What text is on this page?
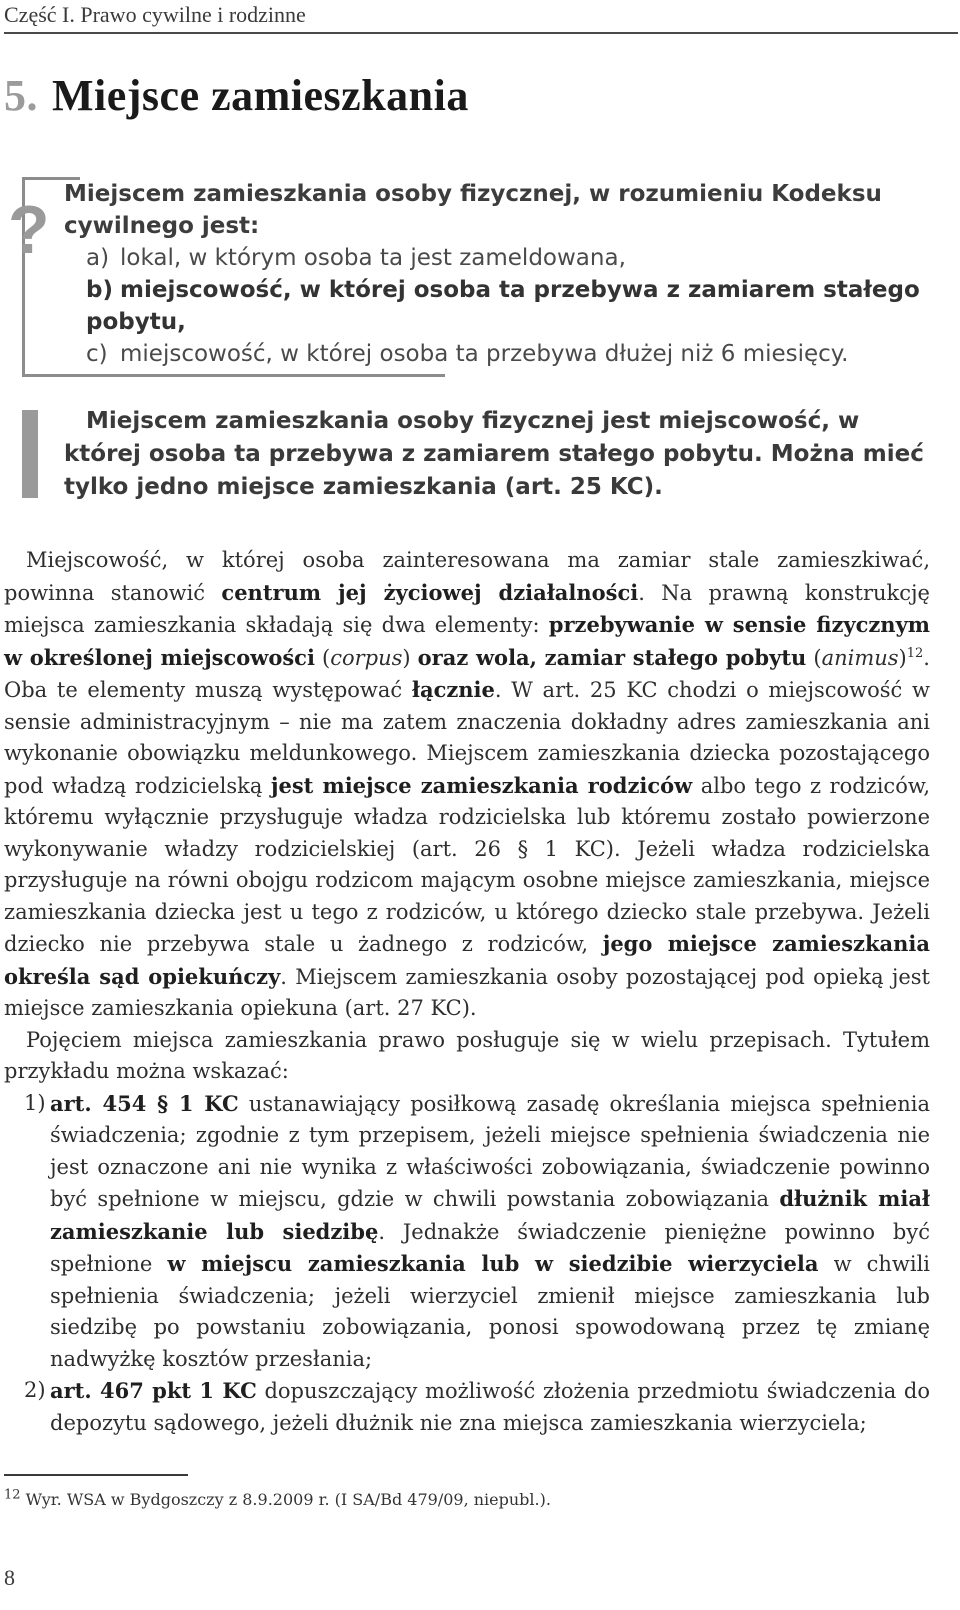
Część I. Prawo cywilne i rodzinne
5. Miejsce zamieszkania
? Miejscem zamieszkania osoby fizycznej, w rozumieniu Kodeksu cywilnego jest:
a) lokal, w którym osoba ta jest zameldowana,
b) miejscowość, w której osoba ta przebywa z zamiarem stałego pobytu,
c) miejscowość, w której osoba ta przebywa dłużej niż 6 miesięcy.
Miejscem zamieszkania osoby fizycznej jest miejscowość, w której osoba ta przebywa z zamiarem stałego pobytu. Można mieć tylko jedno miejsce zamieszkania (art. 25 KC).

Miejscowość, w której osoba zainteresowana ma zamiar stale zamieszkiwać, powinna stanowić centrum jej życiowej działalności. Na prawną konstrukcję miejsca zamieszkania składają się dwa elementy: przebywanie w sensie fizycznym w określonej miejscowości (corpus) oraz wola, zamiar stałego pobytu (animus)$^{12}$. Oba te elementy muszą występować łącznie. W art. 25 KC chodzi o miejscowość w sensie administracyjnym – nie ma zatem znaczenia dokładny adres zamieszkania ani wykonanie obowiązku meldunkowego. Miejscem zamieszkania dziecka pozostającego pod władzą rodzicielską jest miejsce zamieszkania rodziców albo tego z rodziców, któremu wyłącznie przysługuje władza rodzicielska lub któremu zostało powierzone wykonywanie władzy rodzicielskiej (art. 26 § 1 KC). Jeżeli władza rodzicielska przysługuje na równi obojgu rodzicom mającym osobne miejsce zamieszkania, miejsce zamieszkania dziecka jest u tego z rodziców, u którego dziecko stale przebywa. Jeżeli dziecko nie przebywa stale u żadnego z rodziców, jego miejsce zamieszkania określa sąd opiekuńczy. Miejscem zamieszkania osoby pozostającej pod opieką jest miejsce zamieszkania opiekuna (art. 27 KC).

Pojęciem miejsca zamieszkania prawo posługuje się w wielu przepisach. Tytułem przykładu można wskazać:

1) art. 454 § 1 KC ustanawiający posiłkową zasadę określania miejsca spełnienia świadczenia; zgodnie z tym przepisem, jeżeli miejsce spełnienia świadczenia nie jest oznaczone ani nie wynika z właściwości zobowiązania, świadczenie powinno być spełnione w miejscu, gdzie w chwili powstania zobowiązania dłużnik miał zamieszkanie lub siedzibę. Jednakże świadczenie pieniężne powinno być spełnione w miejscu zamieszkania lub w siedzibie wierzyciela w chwili spełnienia świadczenia; jeżeli wierzyciel zmienił miejsce zamieszkania lub siedzibę po powstaniu zobowiązania, ponosi spowodowaną przez tę zmianę nadwyżkę kosztów przesłania;
2) art. 467 pkt 1 KC dopuszczający możliwość złożenia przedmiotu świadczenia do depozytu sądowego, jeżeli dłużnik nie zna miejsca zamieszkania wierzyciela;
$^{12}$ Wyr. WSA w Bydgoszczy z 8.9.2009 r. (I SA/Bd 479/09, niepubl.).
8
